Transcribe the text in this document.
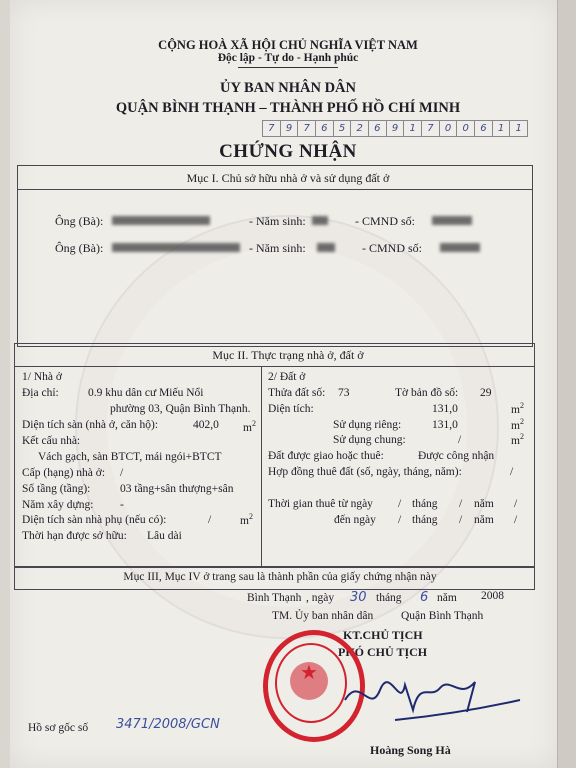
CỘNG HOÀ XÃ HỘI CHỦ NGHĨA VIỆT NAM
Độc lập - Tự do - Hạnh phúc
ỦY BAN NHÂN DÂN
QUẬN BÌNH THẠNH – THÀNH PHỐ HỒ CHÍ MINH
7	9	7	6	5	2	6	9	1	7	0	0	6	1	1
CHỨNG NHẬN
Mục I. Chủ sở hữu nhà ở và sử dụng đất ở
Ông (Bà):	- Năm sinh:	- CMND số:
Ông (Bà):	- Năm sinh:	- CMND số:
Mục II. Thực trạng nhà ở, đất ở
1/ Nhà ở
Địa chỉ:	0.9 khu dân cư Miếu Nổi
phường 03, Quận Bình Thạnh.
Diện tích sàn (nhà ở, căn hộ):	402,0 $m^2$
Kết cấu nhà:
Vách gạch, sàn BTCT, mái ngói+BTCT
Cấp (hạng) nhà ở: /
Số tầng (tầng):	03 tầng+sân thượng+sân
Năm xây dựng: -
Diện tích sàn nhà phụ (nếu có):	/	$m^2$
Thời hạn được sở hữu: Lâu dài
2/ Đất ở
Thửa đất số: 73	Tờ bản đồ số: 29
Diện tích:	131,0	$m^2$
Sử dụng riêng:	131,0	$m^2$
Sử dụng chung:	/	$m^2$
Đất được giao hoặc thuê:	Được công nhận
Hợp đồng thuê đất (số, ngày, tháng, năm):	/
Thời gian thuê từ ngày / tháng / năm /
đến ngày / tháng / năm /
Mục III, Mục IV ở trang sau là thành phần của giấy chứng nhận này
Bình Thạnh , ngày 30 tháng 6 năm 2008
TM. Ủy ban nhân dân Quận Bình Thạnh
KT.CHỦ TỊCH
PHÓ CHỦ TỊCH
★
Hoàng Song Hà
Hồ sơ gốc số 3471/2008/GCN
